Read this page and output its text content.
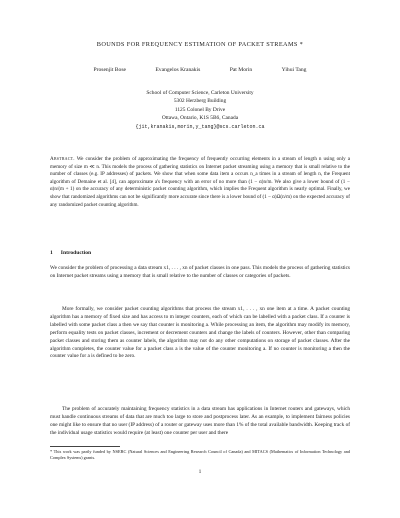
BOUNDS FOR FREQUENCY ESTIMATION OF PACKET STREAMS *
Prosenjit Bose	Evangelos Kranakis	Pat Morin	Yihui Tang
School of Computer Science, Carleton University
5302 Herzberg Building
1125 Colonel By Drive
Ottawa, Ontario, K1S 5B6, Canada
{jit,kranakis,morin,y_tang}@scs.carleton.ca
Abstract. We consider the problem of approximating the frequency of frequently occurring elements in a stream of length n using only a memory of size m ≪ n. This models the process of gathering statistics on Internet packet streaming using a memory that is small relative to the number of classes (e.g. IP addresses) of packets. We show that when some data item a occurs n_a times in a stream of length n, the Frequent algorithm of Demaine et al. [4], can approximate a's frequency with an error of no more than (1 − α)n/m. We also give a lower bound of (1 − α)n/(m + 1) on the accuracy of any deterministic packet counting algorithm, which implies the Frequent algorithm is nearly optimal. Finally, we show that randomized algorithms can not be significantly more accurate since there is a lower bound of (1 − α)Ω(n/m) on the expected accuracy of any randomized packet counting algorithm.
1 Introduction

We consider the problem of processing a data stream x1, . . . , xn of packet classes in one pass. This models the process of gathering statistics on Internet packet streams using a memory that is small relative to the number of classes or categories of packets.

More formally, we consider packet counting algorithms that process the stream x1, . . . , xn one item at a time. A packet counting algorithm has a memory of fixed size and has access to m integer counters, each of which can be labelled with a packet class. If a counter is labelled with some packet class a then we say that counter is monitoring a. While processing an item, the algorithm may modify its memory, perform equality tests on packet classes, increment or decrement counters and change the labels of counters. However, other than comparing packet classes and storing them as counter labels, the algorithm may not do any other computations on storage of packet classes. After the algorithm completes, the counter value for a packet class a is the value of the counter monitoring a. If no counter is monitoring a then the counter value for a is defined to be zero.

The problem of accurately maintaining frequency statistics in a data stream has applications in Internet routers and gateways, which must handle continuous streams of data that are much too large to store and postprocess later. As an example, to implement fairness policies one might like to ensure that no user (IP address) of a router or gateway uses more than 1% of the total available bandwidth. Keeping track of the individual usage statistics would require (at least) one counter per user and there

* This work was partly funded by NSERC (Natural Sciences and Engineering Research Council of Canada) and MITACS (Mathematics of Information Technology and Complex Systems) grants.
1
